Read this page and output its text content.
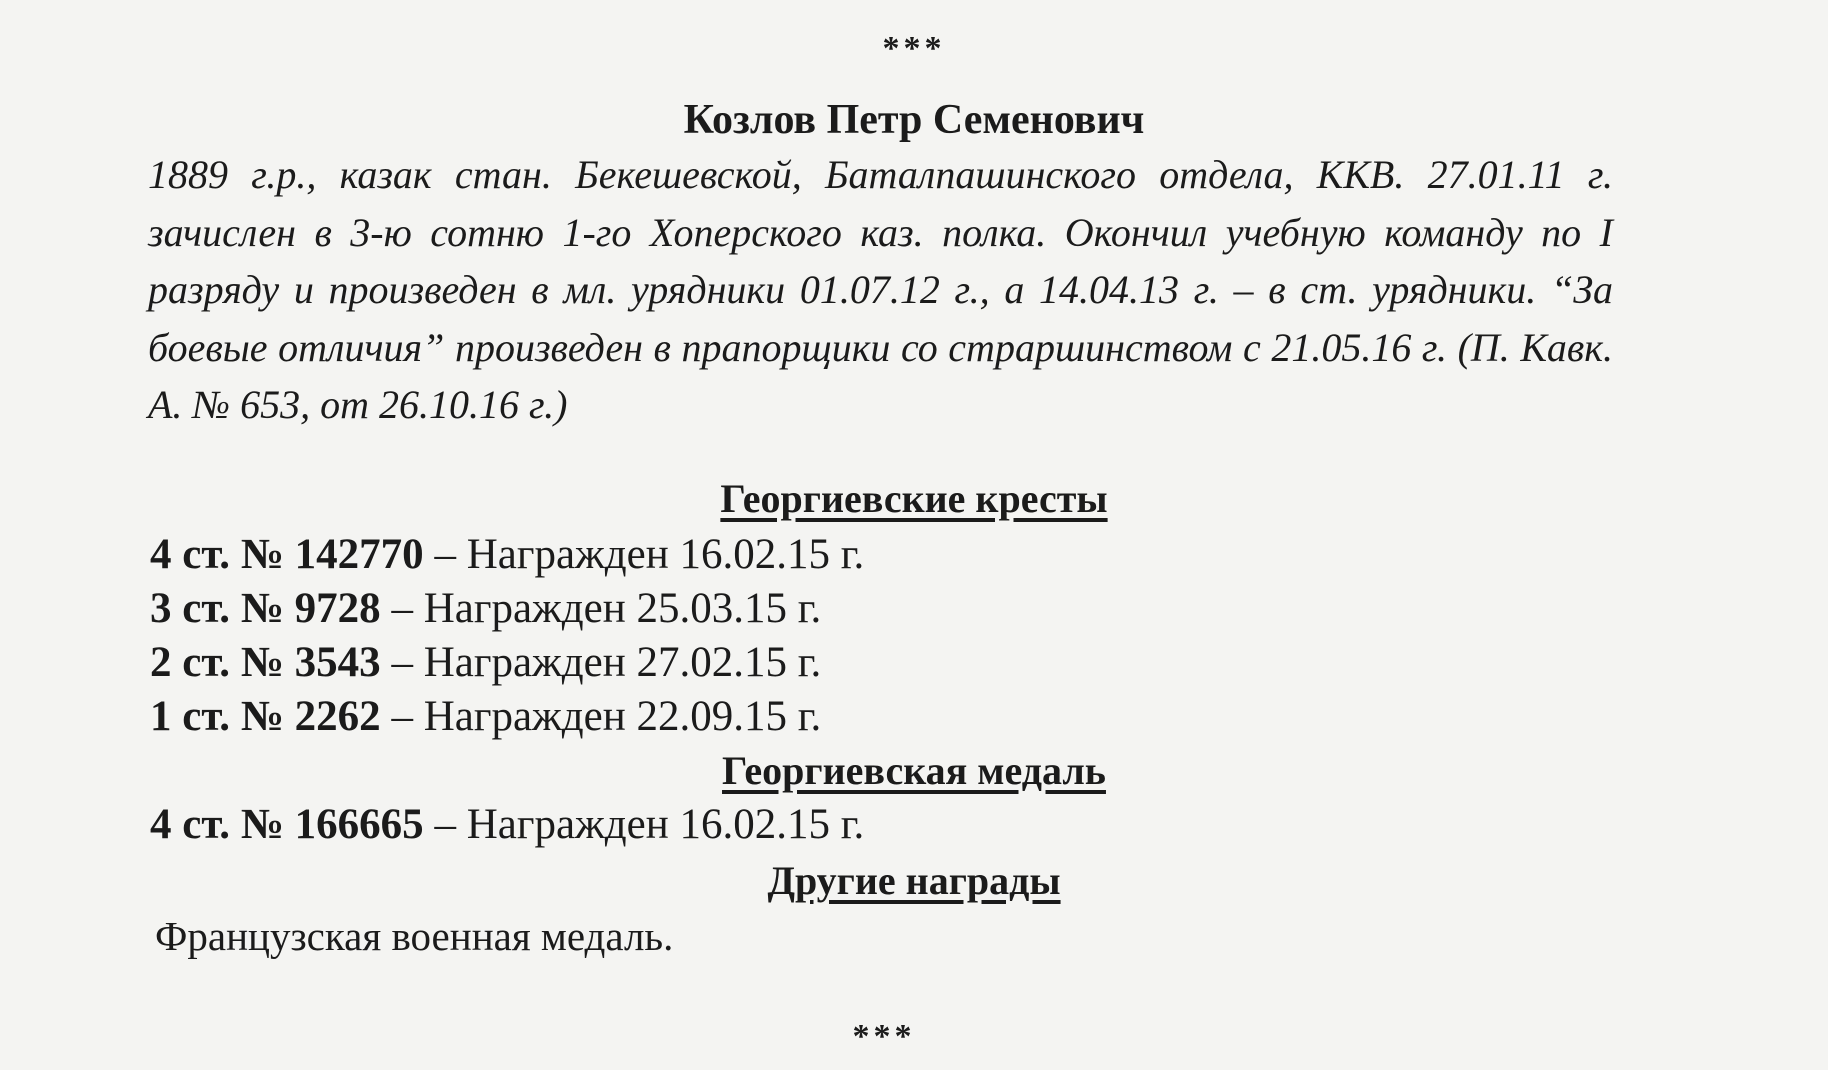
***
Козлов Петр Семенович
1889 г.р., казак стан. Бекешевской, Баталпашинского отдела, ККВ. 27.01.11 г. зачислен в 3-ю сотню 1-го Хоперского каз. полка. Окончил учебную команду по I разряду и произведен в мл. урядники 01.07.12 г., а 14.04.13 г. – в ст. урядники. “За боевые отличия” произведен в прапорщики со страршинством с 21.05.16 г. (П. Кавк. А. № 653, от 26.10.16 г.)
Георгиевские кресты
4 ст. № 142770 – Награжден 16.02.15 г.
3 ст. № 9728 – Награжден 25.03.15 г.
2 ст. № 3543 – Награжден 27.02.15 г.
1 ст. № 2262 – Награжден 22.09.15 г.
Георгиевская медаль
4 ст. № 166665 – Награжден 16.02.15 г.
Другие награды
Французская военная медаль.
***
